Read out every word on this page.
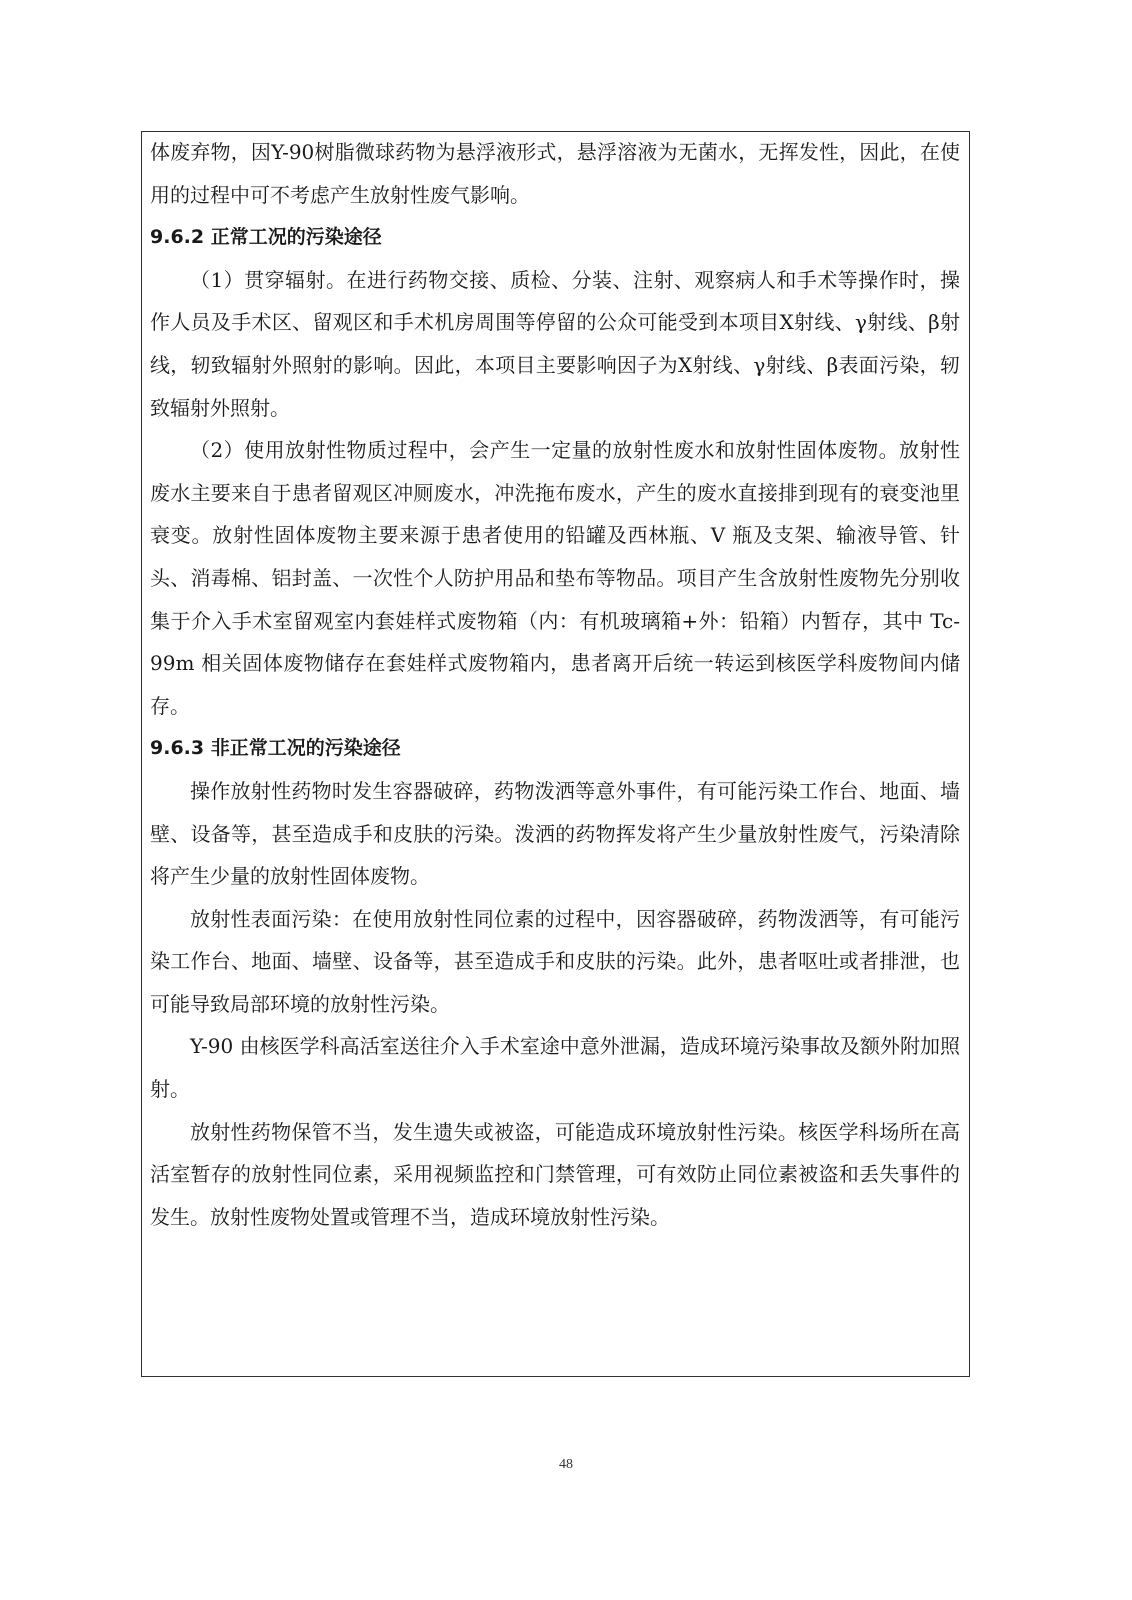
体废弃物，因Y-90树脂微球药物为悬浮液形式，悬浮溶液为无菌水，无挥发性，因此，在使用的过程中可不考虑产生放射性废气影响。

9.6.2 正常工况的污染途径

（1）贯穿辐射。在进行药物交接、质检、分装、注射、观察病人和手术等操作时，操作人员及手术区、留观区和手术机房周围等停留的公众可能受到本项目X射线、γ射线、β射线，轫致辐射外照射的影响。因此，本项目主要影响因子为X射线、γ射线、β表面污染，轫致辐射外照射。

（2）使用放射性物质过程中，会产生一定量的放射性废水和放射性固体废物。放射性废水主要来自于患者留观区冲厕废水，冲洗拖布废水，产生的废水直接排到现有的衰变池里衰变。放射性固体废物主要来源于患者使用的铅罐及西林瓶、V 瓶及支架、输液导管、针头、消毒棉、铝封盖、一次性个人防护用品和垫布等物品。项目产生含放射性废物先分别收集于介入手术室留观室内套娃样式废物箱（内：有机玻璃箱+外：铅箱）内暂存，其中 Tc-99m 相关固体废物储存在套娃样式废物箱内，患者离开后统一转运到核医学科废物间内储存。

9.6.3 非正常工况的污染途径

操作放射性药物时发生容器破碎，药物泼洒等意外事件，有可能污染工作台、地面、墙壁、设备等，甚至造成手和皮肤的污染。泼洒的药物挥发将产生少量放射性废气，污染清除将产生少量的放射性固体废物。

放射性表面污染：在使用放射性同位素的过程中，因容器破碎，药物泼洒等，有可能污染工作台、地面、墙壁、设备等，甚至造成手和皮肤的污染。此外，患者呕吐或者排泄，也可能导致局部环境的放射性污染。

Y-90 由核医学科高活室送往介入手术室途中意外泄漏，造成环境污染事故及额外附加照射。

放射性药物保管不当，发生遗失或被盗，可能造成环境放射性污染。核医学科场所在高活室暂存的放射性同位素，采用视频监控和门禁管理，可有效防止同位素被盗和丢失事件的发生。放射性废物处置或管理不当，造成环境放射性污染。

48
